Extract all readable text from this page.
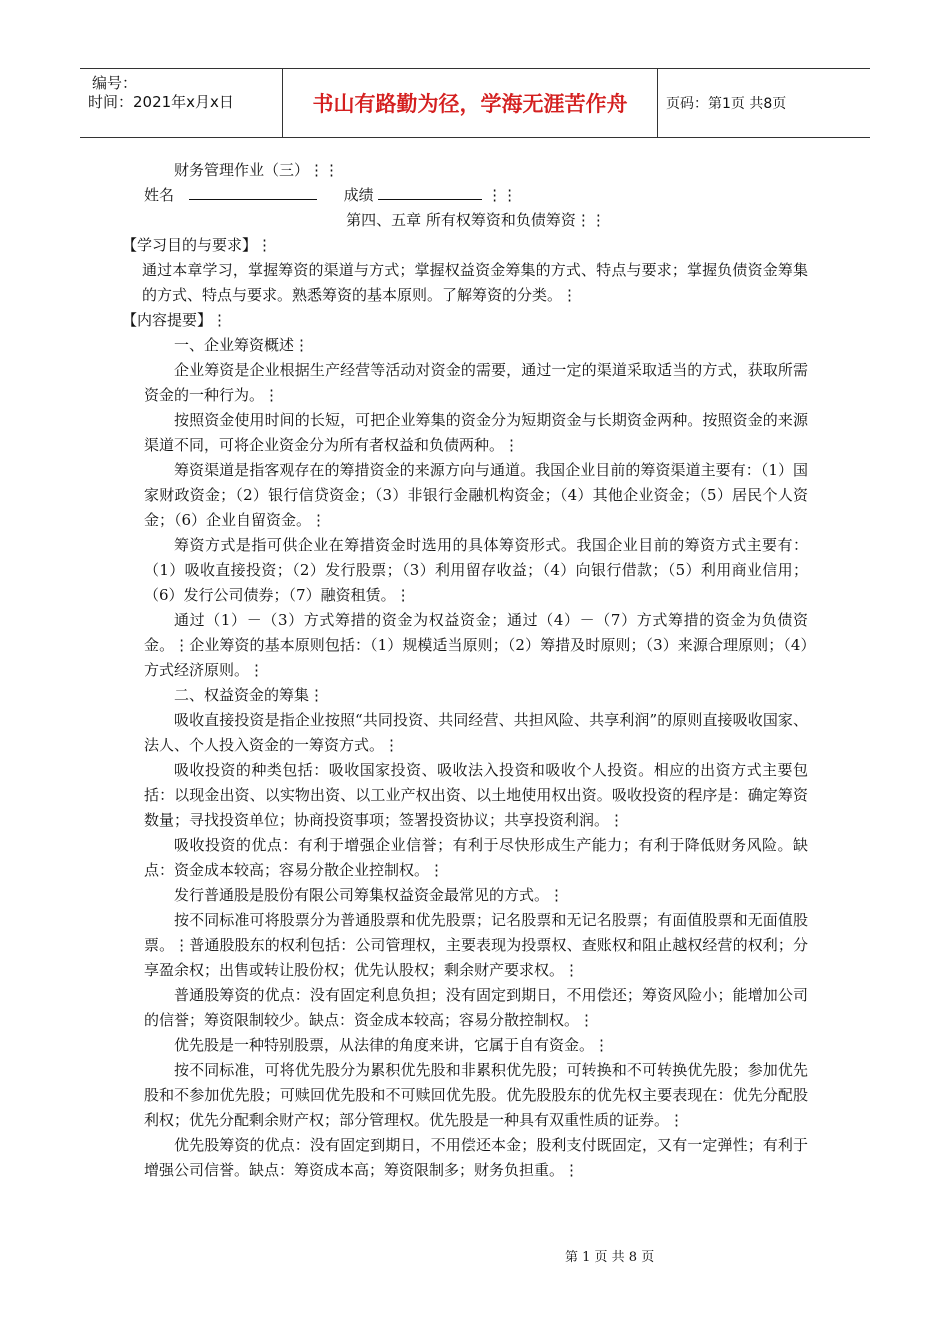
编号：
时间：2021年x月x日	书山有路勤为径，学海无涯苦作舟	页码：第1页 共8页

财务管理作业（三）⋮⋮

姓名	成绩	⋮⋮

第四、五章 所有权筹资和负债筹资⋮⋮

【学习目的与要求】⋮

通过本章学习，掌握筹资的渠道与方式；掌握权益资金筹集的方式、特点与要求；掌握负债资金筹集的方式、特点与要求。熟悉筹资的基本原则。了解筹资的分类。⋮

【内容提要】⋮

一、企业筹资概述⋮

企业筹资是企业根据生产经营等活动对资金的需要，通过一定的渠道采取适当的方式，获取所需资金的一种行为。⋮

按照资金使用时间的长短，可把企业筹集的资金分为短期资金与长期资金两种。按照资金的来源渠道不同，可将企业资金分为所有者权益和负债两种。⋮

筹资渠道是指客观存在的筹措资金的来源方向与通道。我国企业目前的筹资渠道主要有：（1）国家财政资金；（2）银行信贷资金；（3）非银行金融机构资金；（4）其他企业资金；（5）居民个人资金；（6）企业自留资金。⋮

筹资方式是指可供企业在筹措资金时选用的具体筹资形式。我国企业目前的筹资方式主要有：（1）吸收直接投资；（2）发行股票；（3）利用留存收益；（4）向银行借款；（5）利用商业信用；（6）发行公司债券；（7）融资租赁。⋮

通过（1）－（3）方式筹措的资金为权益资金；通过（4）－（7）方式筹措的资金为负债资金。⋮企业筹资的基本原则包括：（1）规模适当原则；（2）筹措及时原则；（3）来源合理原则；（4）方式经济原则。⋮

二、权益资金的筹集⋮

吸收直接投资是指企业按照“共同投资、共同经营、共担风险、共享利润”的原则直接吸收国家、法人、个人投入资金的一筹资方式。⋮

吸收投资的种类包括：吸收国家投资、吸收法入投资和吸收个人投资。相应的出资方式主要包括：以现金出资、以实物出资、以工业产权出资、以土地使用权出资。吸收投资的程序是：确定筹资数量；寻找投资单位；协商投资事项；签署投资协议；共享投资利润。⋮

吸收投资的优点：有利于增强企业信誉；有利于尽快形成生产能力；有利于降低财务风险。缺点：资金成本较高；容易分散企业控制权。⋮

发行普通股是股份有限公司筹集权益资金最常见的方式。⋮

按不同标准可将股票分为普通股票和优先股票；记名股票和无记名股票；有面值股票和无面值股票。⋮普通股股东的权利包括：公司管理权，主要表现为投票权、查账权和阻止越权经营的权利；分享盈余权；出售或转让股份权；优先认股权；剩余财产要求权。⋮

普通股筹资的优点：没有固定利息负担；没有固定到期日，不用偿还；筹资风险小；能增加公司的信誉；筹资限制较少。缺点：资金成本较高；容易分散控制权。⋮

优先股是一种特别股票，从法律的角度来讲，它属于自有资金。⋮

按不同标准，可将优先股分为累积优先股和非累积优先股；可转换和不可转换优先股；参加优先股和不参加优先股；可赎回优先股和不可赎回优先股。优先股股东的优先权主要表现在：优先分配股利权；优先分配剩余财产权；部分管理权。优先股是一种具有双重性质的证券。⋮

优先股筹资的优点：没有固定到期日，不用偿还本金；股利支付既固定，又有一定弹性；有利于增强公司信誉。缺点：筹资成本高；筹资限制多；财务负担重。⋮

第 1 页 共 8 页
